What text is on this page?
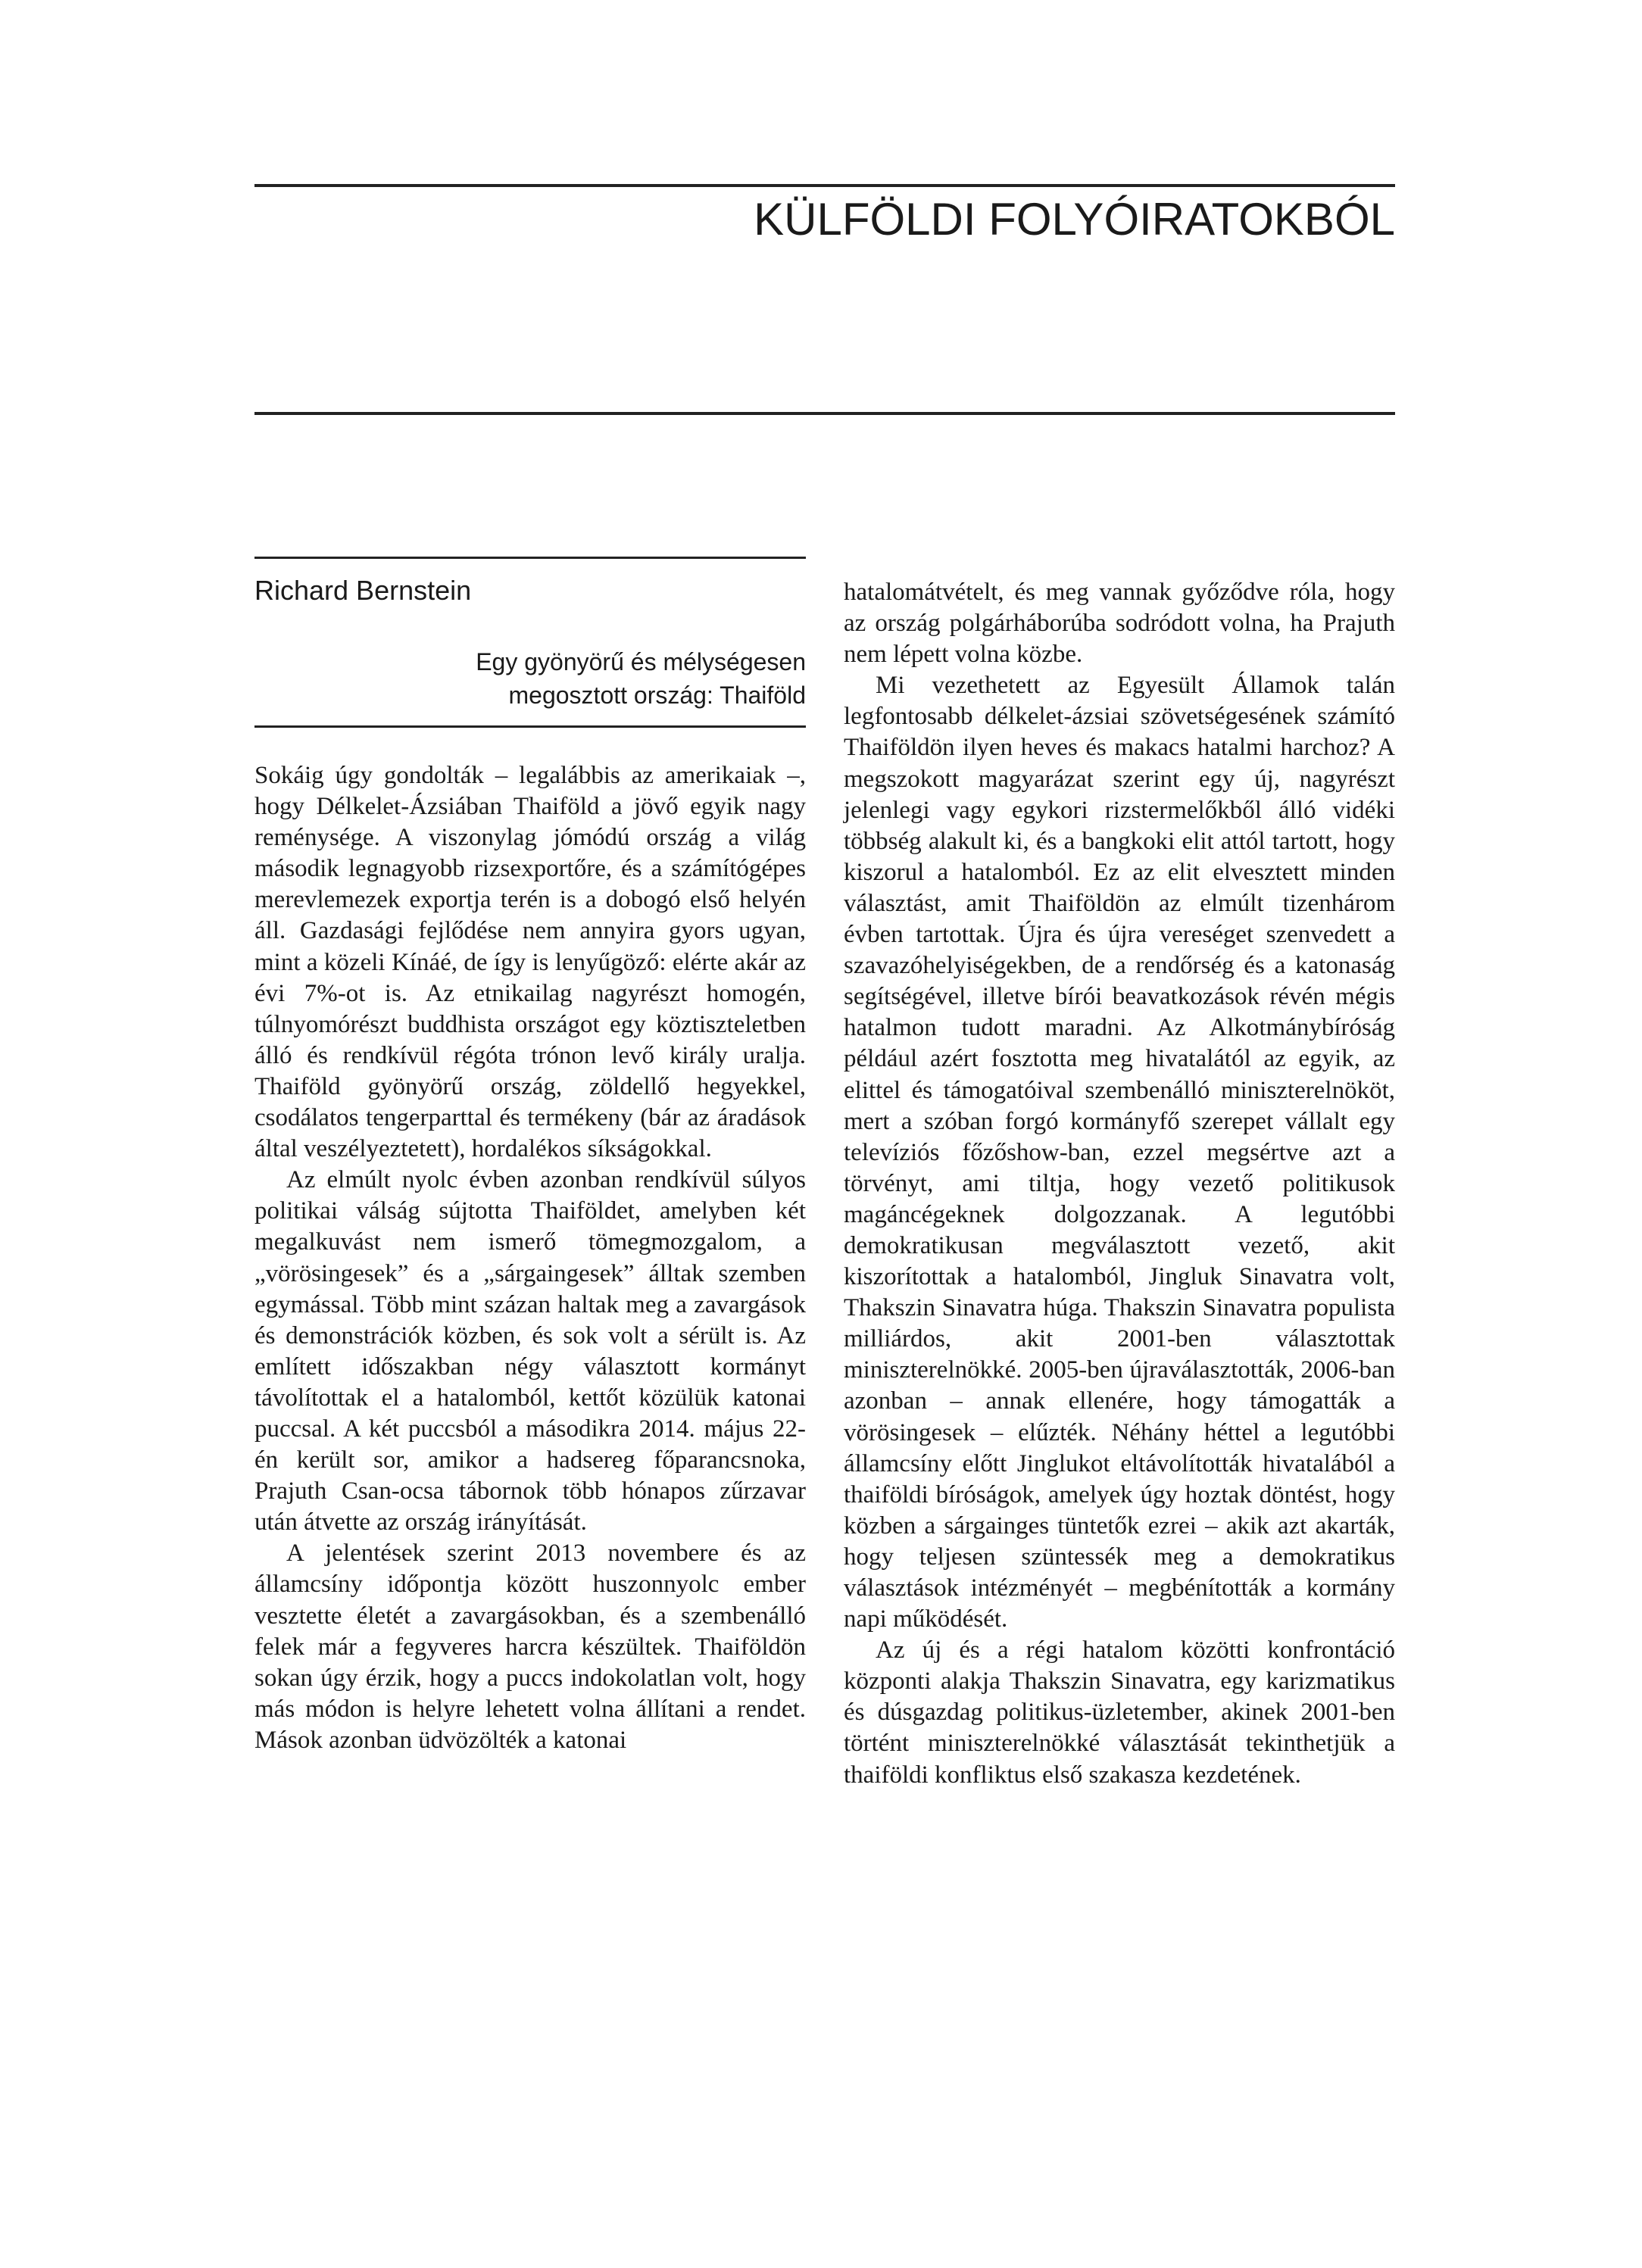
KÜLFÖLDI FOLYÓIRATOKBÓL
Richard Bernstein
Egy gyönyörű és mélységesen
megosztott ország: Thaiföld

Sokáig úgy gondolták – legalábbis az amerikaiak –, hogy Délkelet-Ázsiában Thaiföld a jövő egyik nagy reménysége. A viszonylag jómódú ország a világ második legnagyobb rizsexportőre, és a számítógépes merevlemezek exportja terén is a dobogó első helyén áll. Gazdasági fejlődése nem annyira gyors ugyan, mint a közeli Kínáé, de így is lenyűgöző: elérte akár az évi 7%-ot is. Az etnikailag nagyrészt homogén, túlnyomórészt buddhista országot egy köztiszteletben álló és rendkívül régóta trónon levő király uralja. Thaiföld gyönyörű ország, zöldellő hegyekkel, csodálatos tengerparttal és termékeny (bár az áradások által veszélyeztetett), hordalékos síkságokkal.

Az elmúlt nyolc évben azonban rendkívül súlyos politikai válság sújtotta Thaiföldet, amelyben két megalkuvást nem ismerő tömegmozgalom, a „vörösingesek” és a „sárgaingesek” álltak szemben egymással. Több mint százan haltak meg a zavargások és demonstrációk közben, és sok volt a sérült is. Az említett időszakban négy választott kormányt távolítottak el a hatalomból, kettőt közülük katonai puccsal. A két puccsból a másodikra 2014. május 22-én került sor, amikor a hadsereg főparancsnoka, Prajuth Csan-ocsa tábornok több hónapos zűrzavar után átvette az ország irányítását.

A jelentések szerint 2013 novembere és az államcsíny időpontja között huszonnyolc ember vesztette életét a zavargásokban, és a szembenálló felek már a fegyveres harcra készültek. Thaiföldön sokan úgy érzik, hogy a puccs indokolatlan volt, hogy más módon is helyre lehetett volna állítani a rendet. Mások azonban üdvözölték a katonai

hatalomátvételt, és meg vannak győződve róla, hogy az ország polgárháborúba sodródott volna, ha Prajuth nem lépett volna közbe.

Mi vezethetett az Egyesült Államok talán legfontosabb délkelet-ázsiai szövetségesének számító Thaiföldön ilyen heves és makacs hatalmi harchoz? A megszokott magyarázat szerint egy új, nagyrészt jelenlegi vagy egykori rizstermelőkből álló vidéki többség alakult ki, és a bangkoki elit attól tartott, hogy kiszorul a hatalomból. Ez az elit elvesztett minden választást, amit Thaiföldön az elmúlt tizenhárom évben tartottak. Újra és újra vereséget szenvedett a szavazóhelyiségekben, de a rendőrség és a katonaság segítségével, illetve bírói beavatkozások révén mégis hatalmon tudott maradni. Az Alkotmánybíróság például azért fosztotta meg hivatalától az egyik, az elittel és támogatóival szembenálló miniszterelnököt, mert a szóban forgó kormányfő szerepet vállalt egy televíziós főzőshow-ban, ezzel megsértve azt a törvényt, ami tiltja, hogy vezető politikusok magáncégeknek dolgozzanak. A legutóbbi demokratikusan megválasztott vezető, akit kiszorítottak a hatalomból, Jingluk Sinavatra volt, Thakszin Sinavatra húga. Thakszin Sinavatra populista milliárdos, akit 2001-ben választottak miniszterelnökké. 2005-ben újraválasztották, 2006-ban azonban – annak ellenére, hogy támogatták a vörösingesek – elűzték. Néhány héttel a legutóbbi államcsíny előtt Jinglukot eltávolították hivatalából a thaiföldi bíróságok, amelyek úgy hoztak döntést, hogy közben a sárgainges tüntetők ezrei – akik azt akarták, hogy teljesen szüntessék meg a demokratikus választások intézményét – megbénították a kormány napi működését.

Az új és a régi hatalom közötti konfrontáció központi alakja Thakszin Sinavatra, egy karizmatikus és dúsgazdag politikus-üzletember, akinek 2001-ben történt miniszterelnökké választását tekinthetjük a thaiföldi konfliktus első szakasza kezdetének.
